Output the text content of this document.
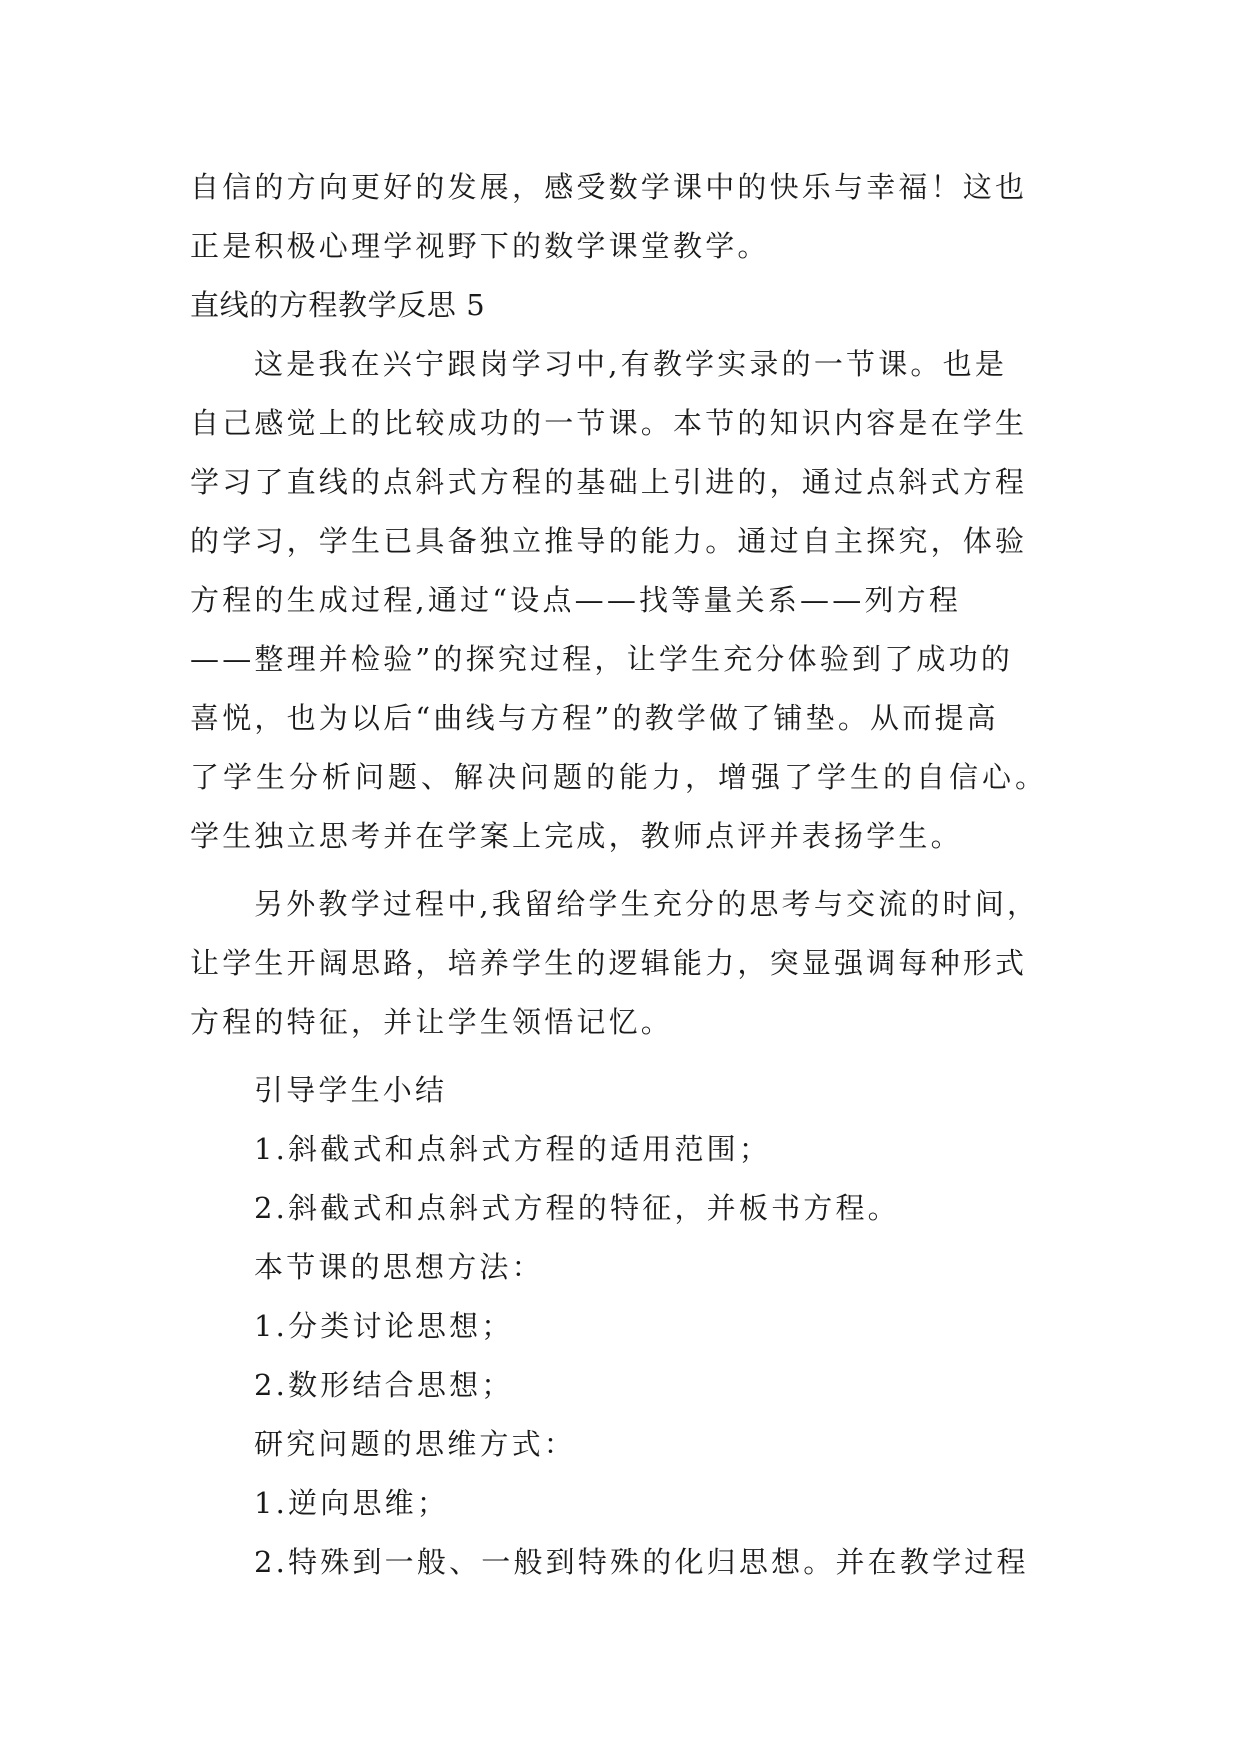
自信的方向更好的发展，感受数学课中的快乐与幸福！这也

正是积极心理学视野下的数学课堂教学。

直线的方程教学反思 5

这是我在兴宁跟岗学习中,有教学实录的一节课。也是

自己感觉上的比较成功的一节课。本节的知识内容是在学生

学习了直线的点斜式方程的基础上引进的，通过点斜式方程

的学习，学生已具备独立推导的能力。通过自主探究，体验

方程的生成过程,通过“设点——找等量关系——列方程

——整理并检验”的探究过程，让学生充分体验到了成功的

喜悦，也为以后“曲线与方程”的教学做了铺垫。从而提高

了学生分析问题、解决问题的能力，增强了学生的自信心。

学生独立思考并在学案上完成，教师点评并表扬学生。

另外教学过程中,我留给学生充分的思考与交流的时间，

让学生开阔思路，培养学生的逻辑能力，突显强调每种形式

方程的特征，并让学生领悟记忆。

引导学生小结

1.斜截式和点斜式方程的适用范围；

2.斜截式和点斜式方程的特征，并板书方程。

本节课的思想方法：

1.分类讨论思想；

2.数形结合思想；

研究问题的思维方式：

1.逆向思维；

2.特殊到一般、一般到特殊的化归思想。并在教学过程
